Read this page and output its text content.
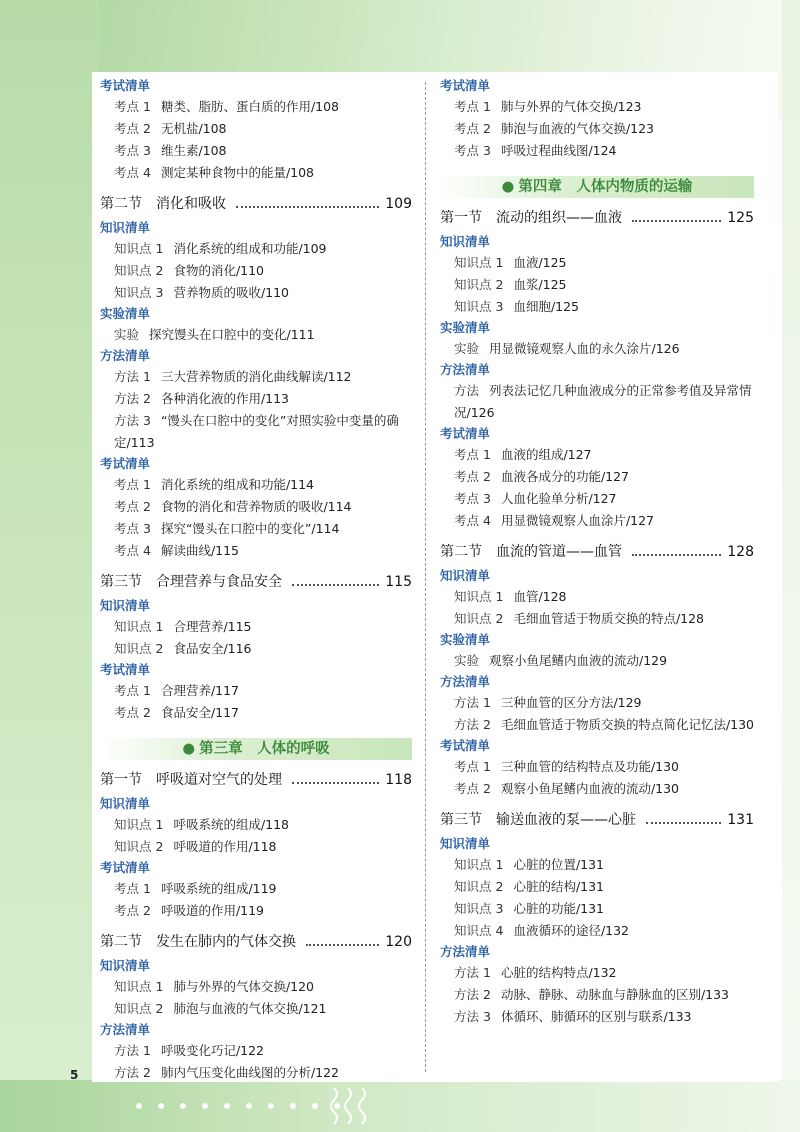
考试清单
考点 1 糖类、脂肪、蛋白质的作用/108
考点 2 无机盐/108
考点 3 维生素/108
考点 4 测定某种食物中的能量/108
第二节 消化和吸收	109
知识清单
知识点 1 消化系统的组成和功能/109
知识点 2 食物的消化/110
知识点 3 营养物质的吸收/110
实验清单
实验 探究馒头在口腔中的变化/111
方法清单
方法 1 三大营养物质的消化曲线解读/112
方法 2 各种消化液的作用/113
方法 3 “馒头在口腔中的变化”对照实验中变量的确定/113
考试清单
考点 1 消化系统的组成和功能/114
考点 2 食物的消化和营养物质的吸收/114
考点 3 探究“馒头在口腔中的变化”/114
考点 4 解读曲线/115
第三节 合理营养与食品安全	115
知识清单
知识点 1 合理营养/115
知识点 2 食品安全/116
考试清单
考点 1 合理营养/117
考点 2 食品安全/117
● 第三章　人体的呼吸
第一节 呼吸道对空气的处理	118
知识清单
知识点 1 呼吸系统的组成/118
知识点 2 呼吸道的作用/118
考试清单
考点 1 呼吸系统的组成/119
考点 2 呼吸道的作用/119
第二节 发生在肺内的气体交换	120
知识清单
知识点 1 肺与外界的气体交换/120
知识点 2 肺泡与血液的气体交换/121
方法清单
方法 1 呼吸变化巧记/122
方法 2 肺内气压变化曲线图的分析/122
考试清单
考点 1 肺与外界的气体交换/123
考点 2 肺泡与血液的气体交换/123
考点 3 呼吸过程曲线图/124
● 第四章　人体内物质的运输
第一节 流动的组织——血液	125
知识清单
知识点 1 血液/125
知识点 2 血浆/125
知识点 3 血细胞/125
实验清单
实验 用显微镜观察人血的永久涂片/126
方法清单
方法 列表法记忆几种血液成分的正常参考值及异常情况/126
考试清单
考点 1 血液的组成/127
考点 2 血液各成分的功能/127
考点 3 人血化验单分析/127
考点 4 用显微镜观察人血涂片/127
第二节 血流的管道——血管	128
知识清单
知识点 1 血管/128
知识点 2 毛细血管适于物质交换的特点/128
实验清单
实验 观察小鱼尾鳍内血液的流动/129
方法清单
方法 1 三种血管的区分方法/129
方法 2 毛细血管适于物质交换的特点简化记忆法/130
考试清单
考点 1 三种血管的结构特点及功能/130
考点 2 观察小鱼尾鳍内血液的流动/130
第三节 输送血液的泵——心脏	131
知识清单
知识点 1 心脏的位置/131
知识点 2 心脏的结构/131
知识点 3 心脏的功能/131
知识点 4 血液循环的途径/132
方法清单
方法 1 心脏的结构特点/132
方法 2 动脉、静脉、动脉血与静脉血的区别/133
方法 3 体循环、肺循环的区别与联系/133
5
